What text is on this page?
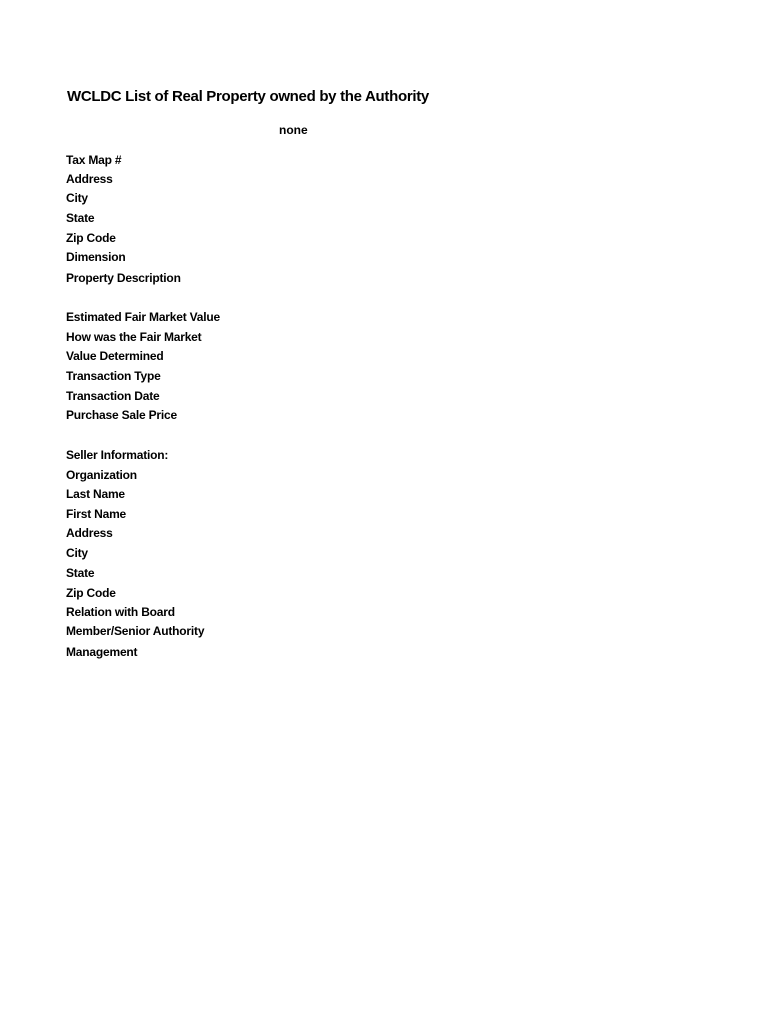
WCLDC List of Real Property owned by the Authority
none
Tax Map #
Address
City
State
Zip Code
Dimension
Property Description
Estimated Fair Market Value
How was the Fair Market
Value Determined
Transaction Type
Transaction Date
Purchase Sale Price
Seller Information:
Organization
Last Name
First Name
Address
City
State
Zip Code
Relation with Board
Member/Senior Authority
Management
